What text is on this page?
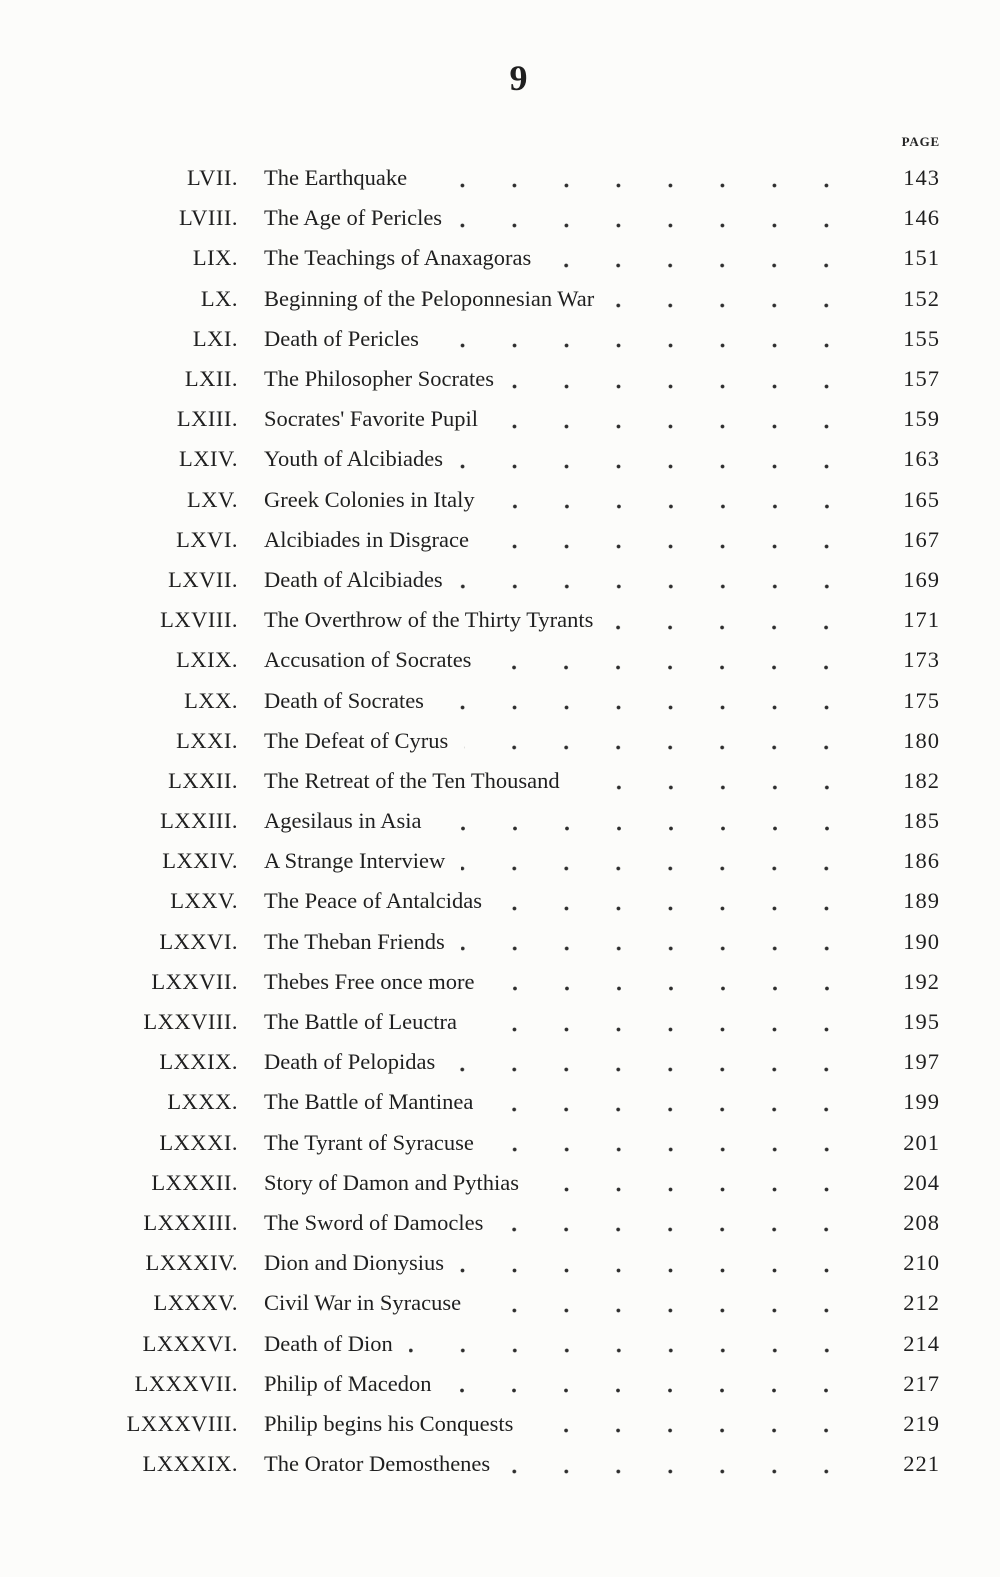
9
PAGE
LVII. The Earthquake	143
LVIII. The Age of Pericles	146
LIX. The Teachings of Anaxagoras	151
LX. Beginning of the Peloponnesian War	152
LXI. Death of Pericles	155
LXII. The Philosopher Socrates	157
LXIII. Socrates' Favorite Pupil	159
LXIV. Youth of Alcibiades	163
LXV. Greek Colonies in Italy	165
LXVI. Alcibiades in Disgrace	167
LXVII. Death of Alcibiades	169
LXVIII. The Overthrow of the Thirty Tyrants	171
LXIX. Accusation of Socrates	173
LXX. Death of Socrates	175
LXXI. The Defeat of Cyrus	180
LXXII. The Retreat of the Ten Thousand	182
LXXIII. Agesilaus in Asia	185
LXXIV. A Strange Interview	186
LXXV. The Peace of Antalcidas	189
LXXVI. The Theban Friends	190
LXXVII. Thebes Free once more	192
LXXVIII. The Battle of Leuctra	195
LXXIX. Death of Pelopidas	197
LXXX. The Battle of Mantinea	199
LXXXI. The Tyrant of Syracuse	201
LXXXII. Story of Damon and Pythias	204
LXXXIII. The Sword of Damocles	208
LXXXIV. Dion and Dionysius	210
LXXXV. Civil War in Syracuse	212
LXXXVI. Death of Dion	214
LXXXVII. Philip of Macedon	217
LXXXVIII. Philip begins his Conquests	219
LXXXIX. The Orator Demosthenes	221
